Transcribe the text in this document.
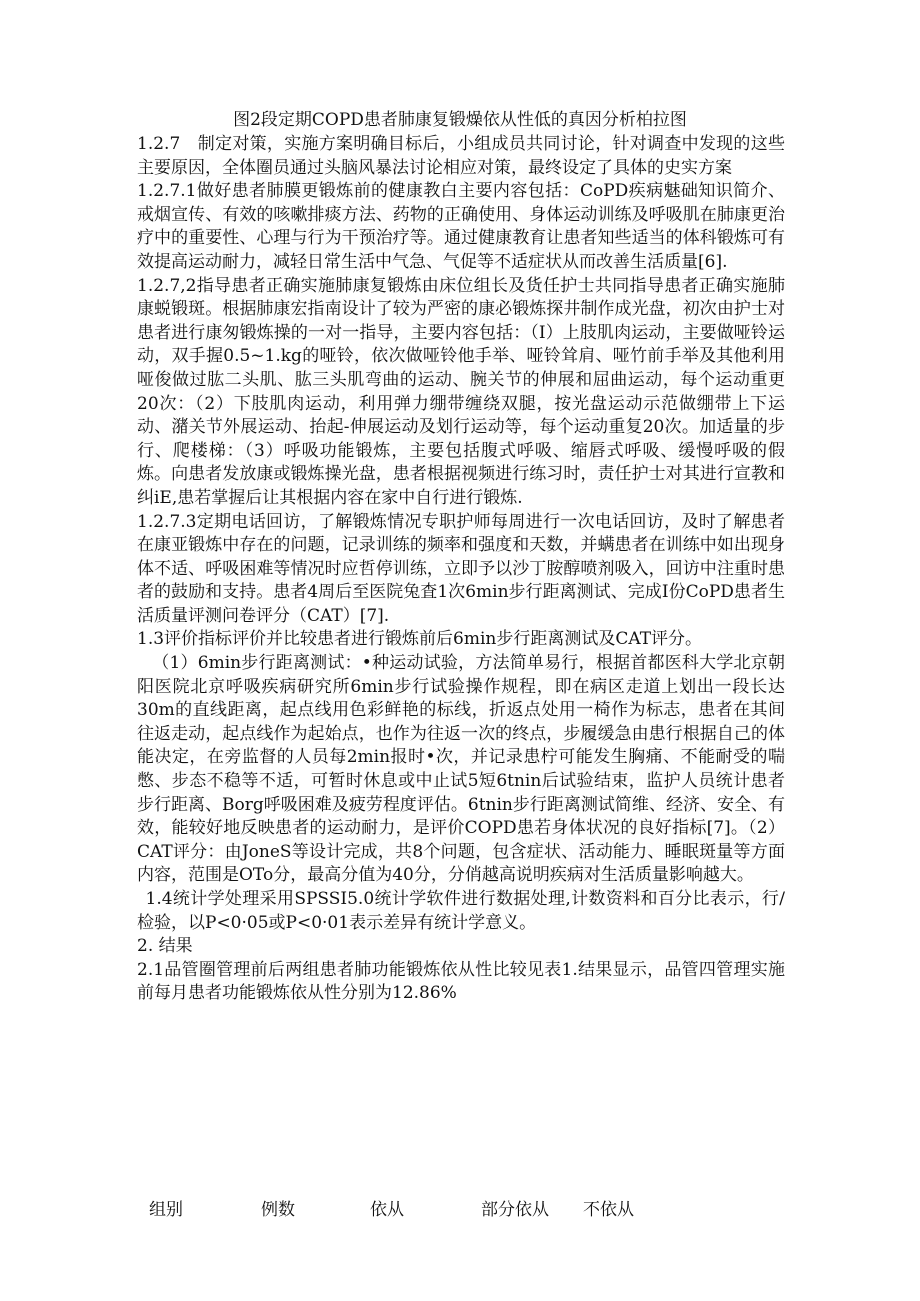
图2段定期COPD患者肺康复锻燥依从性低的真因分析柏拉图

1.2.7　制定对策，实施方案明确目标后，小组成员共同讨论，针对调查中发现的这些主要原因，全体圈员通过头脑风暴法讨论相应对策，最终设定了具体的史实方案

1.2.7.1做好患者肺膜更锻炼前的健康教白主要内容包括：CoPD疾病魅础知识简介、戒烟宣传、有效的咳嗽排痰方法、药物的正确使用、身体运动训练及呼吸肌在肺康更治疗中的重要性、心理与行为干预治疗等。通过健康教育让患者知些适当的体科锻炼可有效提高运动耐力，减轻日常生活中气急、气促等不适症状从而改善生活质量[6].

1.2.7,2指导患者正确实施肺康复锻炼由床位组长及货任护士共同指导患者正确实施肺康蜕锻斑。根据肺康宏指南设计了较为严密的康必锻炼探井制作成光盘，初次由护士对患者进行康匆锻炼操的一对一指导，主要内容包括：（I）上肢肌肉运动，主要做哑铃运动，双手握0.5~1.kg的哑铃，依次做哑铃他手举、哑铃耸肩、哑竹前手举及其他利用哑俊做过肱二头肌、肱三头肌弯曲的运动、腕关节的伸展和屈曲运动，每个运动重更20次：（2）下肢肌肉运动，利用弹力绷带缠绕双腿，按光盘运动示范做绷带上下运动、潴关节外展运动、抬起-伸展运动及划行运动等，每个运动重复20次。加适量的步行、爬楼梯：（3）呼吸功能锻炼，主要包括腹式呼吸、缩唇式呼吸、缓慢呼吸的假炼。向患者发放康或锻炼操光盘，患者根据视频进行练习时，责任护士对其进行宣教和纠iE,患若掌握后让其根据内容在家中自行进行锻炼.

1.2.7.3定期电话回访，了解锻炼情况专职护师每周进行一次电话回访，及时了解患者在康亚锻炼中存在的问题，记录训练的频率和强度和天数，并螨患者在训练中如出现身体不适、呼吸困难等情况时应哲停训练，立即予以沙丁胺醇喷剂吸入，回访中注重时患者的鼓励和支持。患者4周后至医院兔査1次6min步行距离测试、完成I份CoPD患者生活质量评测问卷评分（CAT）[7].

1.3评价指标评价并比较患者进行锻炼前后6min步行距离测试及CAT评分。

（1）6min步行距离测试：•种运动试验，方法简单易行，根据首都医科大学北京朝阳医院北京呼吸疾病研究所6min步行试验操作规程，即在病区走道上划出一段长达30m的直线距离，起点线用色彩鲜艳的标线，折返点处用一椅作为标志，患者在其间往返走动，起点线作为起始点，也作为往返一次的终点，步履缓急由患行根据自己的体能决定，在旁监督的人员每2min报时•次，并记录患柠可能发生胸痛、不能耐受的喘憋、步态不稳等不适，可暂时休息或中止试5短6tnin后试验结束，监护人员统计患者步行距离、Borg呼吸困难及疲劳程度评估。6tnin步行距离测试简维、经济、安全、有效，能较好地反映患者的运动耐力，是评价COPD患若身体状况的良好指标[7]。（2）CAT评分：由JoneS等设计完成，共8个问题，包含症状、活动能力、睡眠斑量等方面内容，范围是OTo分，最高分值为40分，分俏越高说明疾病对生活质量影响越大。

1.4统计学处理采用SPSSI5.0统计学软件进行数据处理,计数资料和百分比表示，行/检验，以P<0·05或P<0·01表示差异有统计学意义。

2. 结果

2.1品管圈管理前后两组患者肺功能锻炼依从性比较见表1.结果显示，品管四管理实施前每月患者功能锻炼依从性分别为12.86%

组别	例数	依从	部分依从 不依从
